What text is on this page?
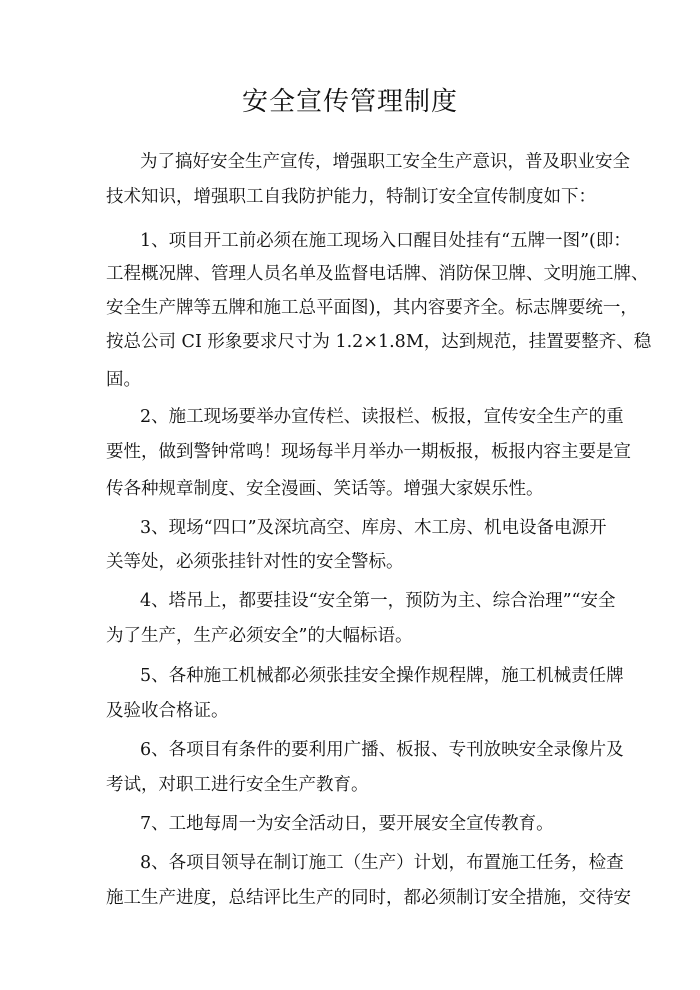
安全宣传管理制度
为了搞好安全生产宣传，增强职工安全生产意识，普及职业安全
技术知识，增强职工自我防护能力，特制订安全宣传制度如下：
1、项目开工前必须在施工现场入口醒目处挂有“五牌一图”(即：
工程概况牌、管理人员名单及监督电话牌、消防保卫牌、文明施工牌、
安全生产牌等五牌和施工总平面图)，其内容要齐全。标志牌要统一，
按总公司 CI 形象要求尺寸为 1.2×1.8M，达到规范，挂置要整齐、稳
固。
2、施工现场要举办宣传栏、读报栏、板报，宣传安全生产的重
要性，做到警钟常鸣！现场每半月举办一期板报，板报内容主要是宣
传各种规章制度、安全漫画、笑话等。增强大家娱乐性。
3、现场“四口”及深坑高空、库房、木工房、机电设备电源开
关等处，必须张挂针对性的安全警标。
4、塔吊上，都要挂设“安全第一，预防为主、综合治理”“安全
为了生产，生产必须安全”的大幅标语。
5、各种施工机械都必须张挂安全操作规程牌，施工机械责任牌
及验收合格证。
6、各项目有条件的要利用广播、板报、专刊放映安全录像片及
考试，对职工进行安全生产教育。
7、工地每周一为安全活动日，要开展安全宣传教育。
8、各项目领导在制订施工（生产）计划，布置施工任务，检查
施工生产进度，总结评比生产的同时，都必须制订安全措施，交待安
